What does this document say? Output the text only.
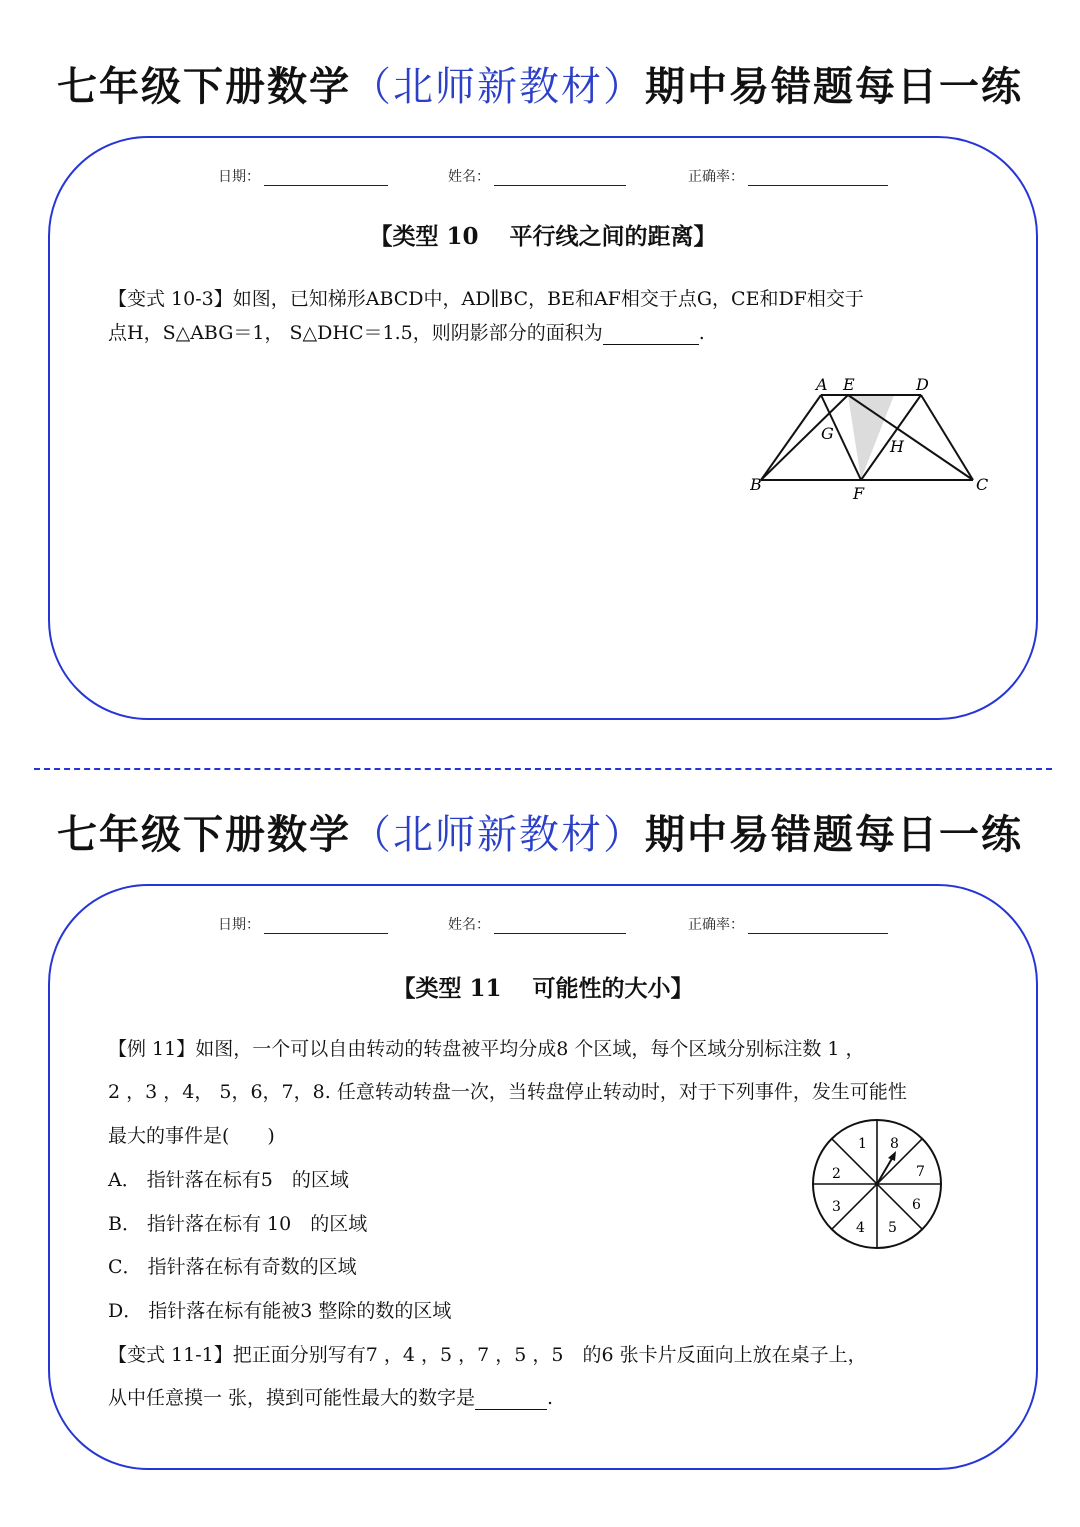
七年级下册数学（北师新教材）期中易错题每日一练
日期：	姓名：	正确率：
【类型 10　 平行线之间的距离】
【变式 10-3】如图，已知梯形ABCD中，AD∥BC，BE和AF相交于点G，CE和DF相交于
点H，S△ABG＝1， S△DHC＝1.5，则阴影部分的面积为	.
A E	D
G
H
B	F	C
七年级下册数学（北师新教材）期中易错题每日一练
日期：	姓名：	正确率：
【类型 11　 可能性的大小】
【例 11】如图，一个可以自由转动的转盘被平均分成8 个区域，每个区域分别标注数 1 ，
2 ，3 ，4， 5，6，7，8. 任意转动转盘一次，当转盘停止转动时，对于下列事件，发生可能性
最大的事件是(　　)
A． 指针落在标有5　的区域
B． 指针落在标有 10　的区域
C． 指针落在标有奇数的区域
D． 指针落在标有能被3 整除的数的区域
【变式 11-1】把正面分别写有7 ，4 ，5 ，7 ，5 ，5　的6 张卡片反面向上放在桌子上，
从中任意摸一 张，摸到可能性最大的数字是	.
1 8
7
6
5
4
3
2
